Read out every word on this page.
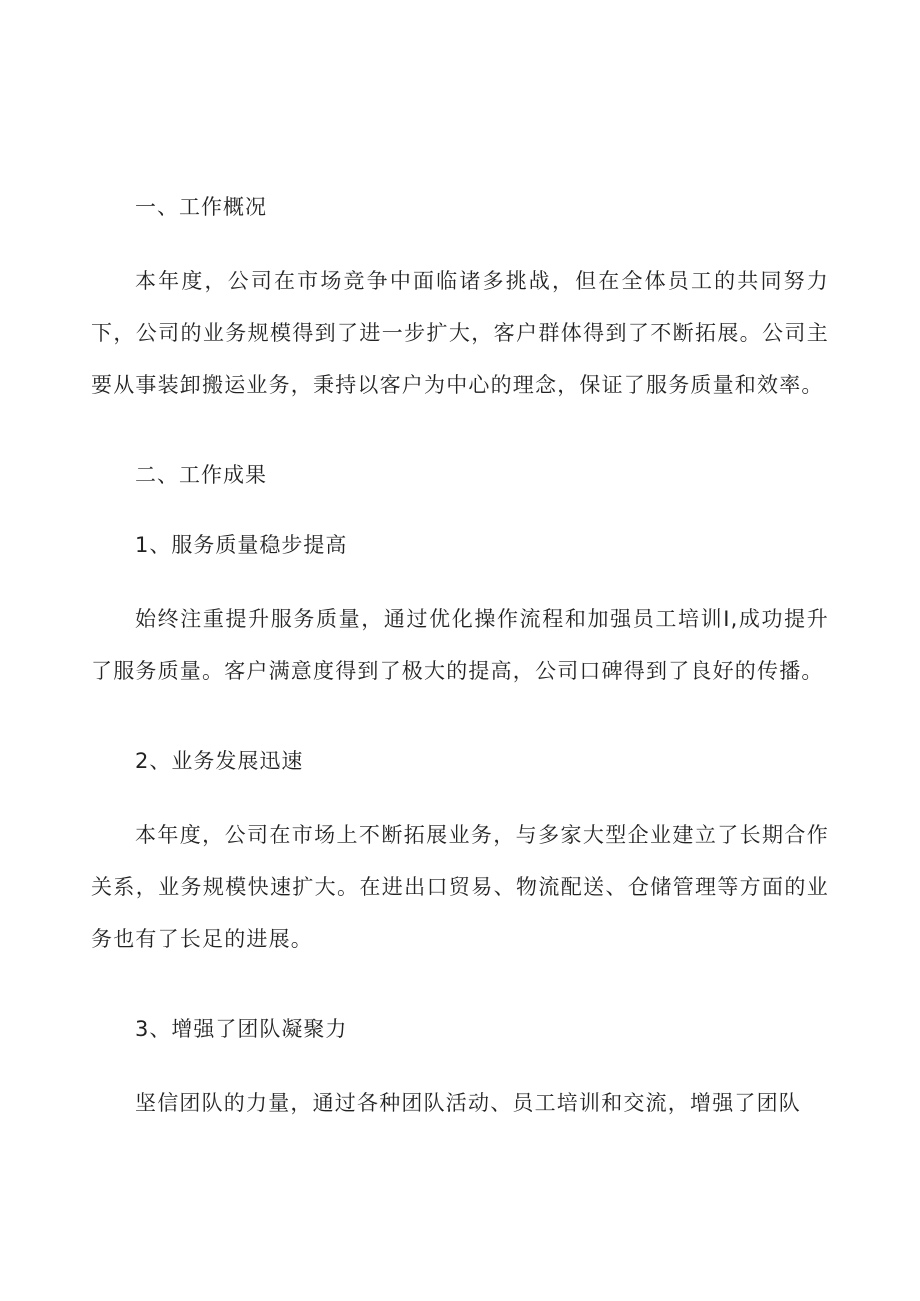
一、工作概况

本年度，公司在市场竞争中面临诸多挑战，但在全体员工的共同努力下，公司的业务规模得到了进一步扩大，客户群体得到了不断拓展。公司主要从事装卸搬运业务，秉持以客户为中心的理念，保证了服务质量和效率。

二、工作成果
1、服务质量稳步提高

始终注重提升服务质量，通过优化操作流程和加强员工培训I,成功提升了服务质量。客户满意度得到了极大的提高，公司口碑得到了良好的传播。

2、业务发展迅速

本年度，公司在市场上不断拓展业务，与多家大型企业建立了长期合作关系，业务规模快速扩大。在进出口贸易、物流配送、仓储管理等方面的业务也有了长足的进展。

3、增强了团队凝聚力

坚信团队的力量，通过各种团队活动、员工培训和交流，增强了团队
